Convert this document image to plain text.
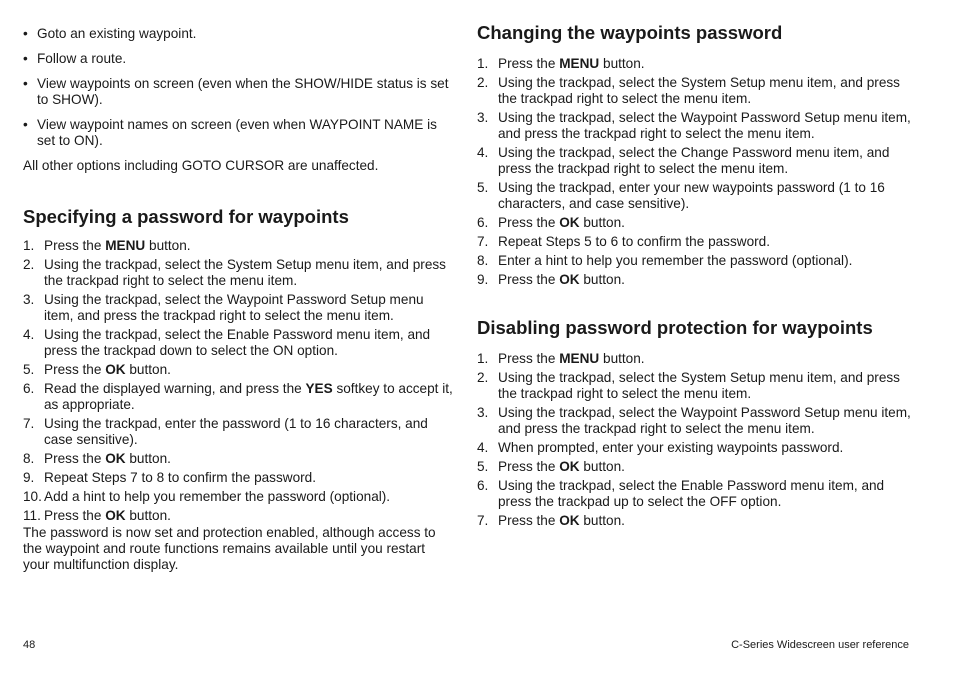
• Goto an existing waypoint.
• Follow a route.
• View waypoints on screen (even when the SHOW/HIDE status is set to SHOW).
• View waypoint names on screen (even when WAYPOINT NAME is set to ON).

All other options including GOTO CURSOR are unaffected.

Specifying a password for waypoints
1. Press the MENU button.
2. Using the trackpad, select the System Setup menu item, and press the trackpad right to select the menu item.
3. Using the trackpad, select the Waypoint Password Setup menu item, and press the trackpad right to select the menu item.
4. Using the trackpad, select the Enable Password menu item, and press the trackpad down to select the ON option.
5. Press the OK button.
6. Read the displayed warning, and press the YES softkey to accept it, as appropriate.
7. Using the trackpad, enter the password (1 to 16 characters, and case sensitive).
8. Press the OK button.
9. Repeat Steps 7 to 8 to confirm the password.
10. Add a hint to help you remember the password (optional).
11. Press the OK button.

The password is now set and protection enabled, although access to the waypoint and route functions remains available until you restart your multifunction display.

Changing the waypoints password
1. Press the MENU button.
2. Using the trackpad, select the System Setup menu item, and press the trackpad right to select the menu item.
3. Using the trackpad, select the Waypoint Password Setup menu item, and press the trackpad right to select the menu item.
4. Using the trackpad, select the Change Password menu item, and press the trackpad right to select the menu item.
5. Using the trackpad, enter your new waypoints password (1 to 16 characters, and case sensitive).
6. Press the OK button.
7. Repeat Steps 5 to 6 to confirm the password.
8. Enter a hint to help you remember the password (optional).
9. Press the OK button.
Disabling password protection for waypoints
1. Press the MENU button.
2. Using the trackpad, select the System Setup menu item, and press the trackpad right to select the menu item.
3. Using the trackpad, select the Waypoint Password Setup menu item, and press the trackpad right to select the menu item.
4. When prompted, enter your existing waypoints password.
5. Press the OK button.
6. Using the trackpad, select the Enable Password menu item, and press the trackpad up to select the OFF option.
7. Press the OK button.
48	C-Series Widescreen user reference
